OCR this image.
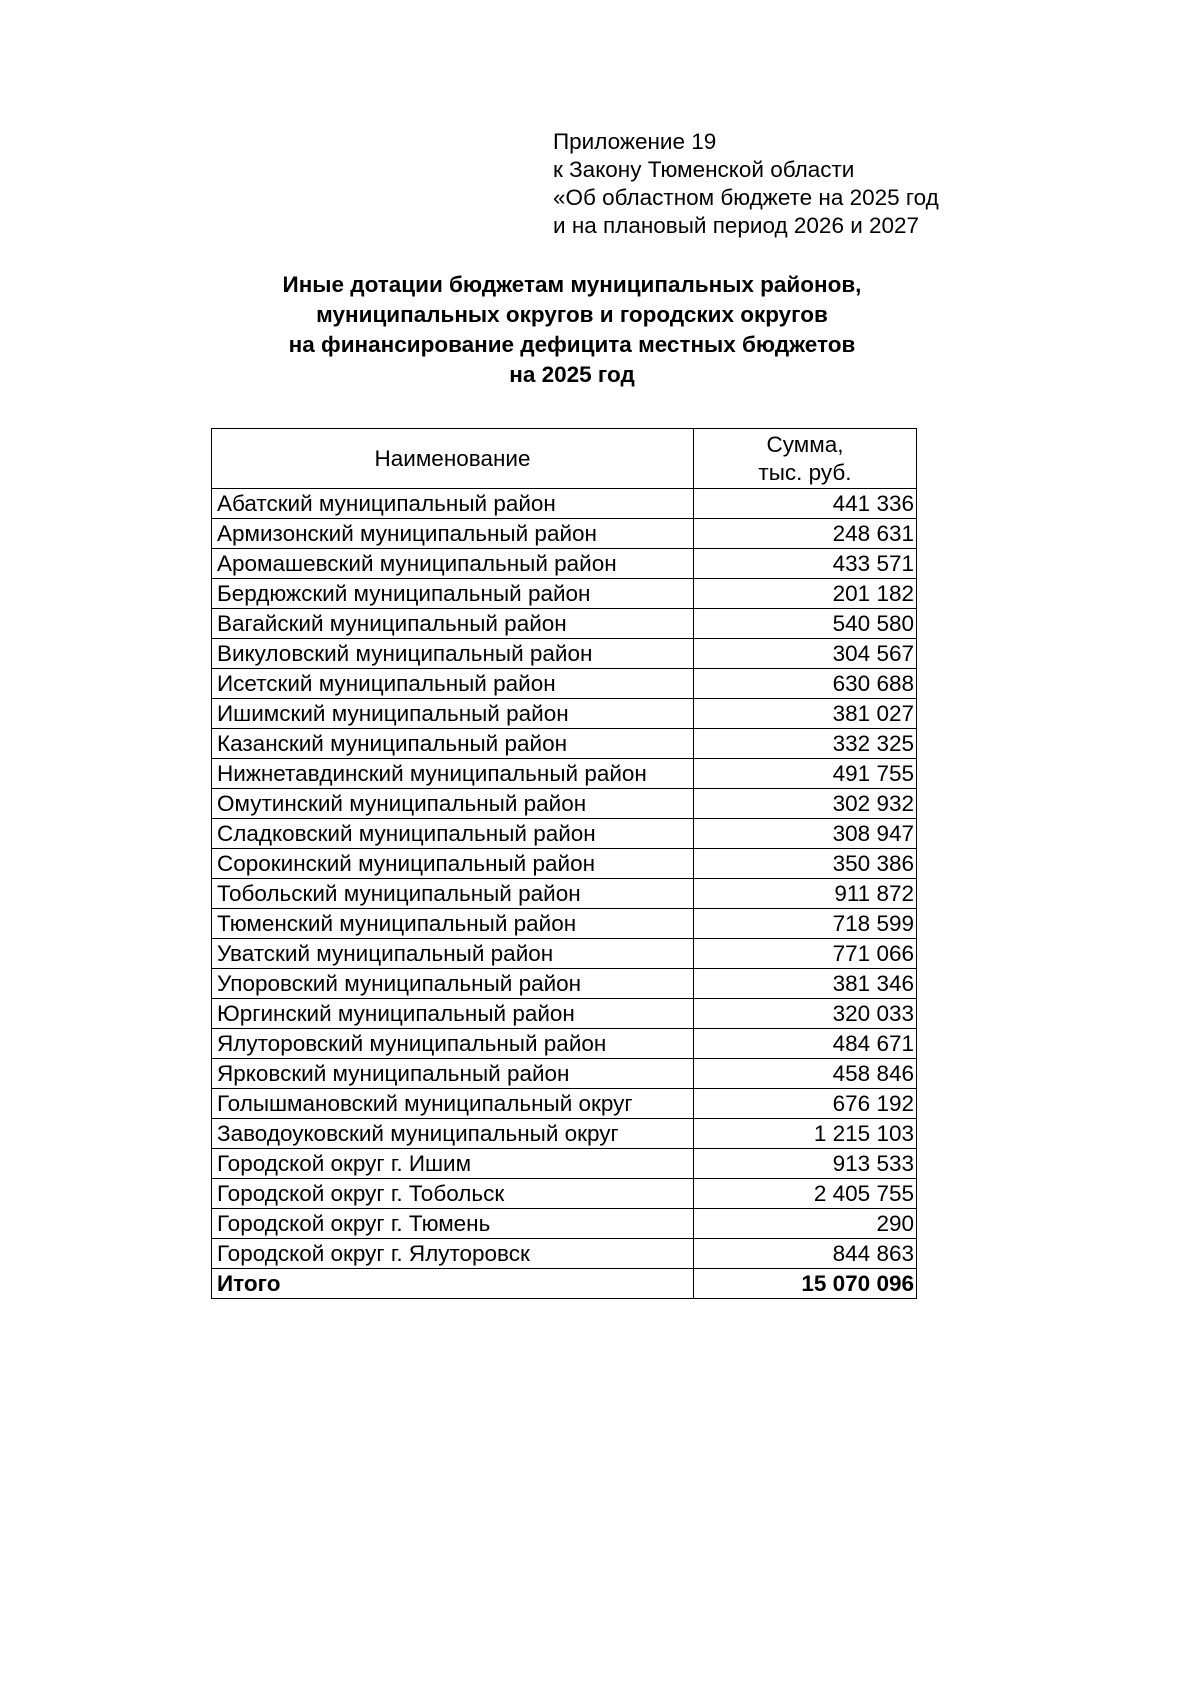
Приложение 19
к Закону Тюменской области
«Об областном бюджете на 2025 год
и на плановый период 2026 и 2027
Иные дотации бюджетам муниципальных районов,
муниципальных округов и городских округов
на финансирование дефицита местных бюджетов
на 2025 год
Наименование	Сумма,
тыс. руб.
Абатский муниципальный район	441 336
Армизонский муниципальный район	248 631
Аромашевский муниципальный район	433 571
Бердюжский муниципальный район	201 182
Вагайский муниципальный район	540 580
Викуловский муниципальный район	304 567
Исетский муниципальный район	630 688
Ишимский муниципальный район	381 027
Казанский муниципальный район	332 325
Нижнетавдинский муниципальный район	491 755
Омутинский муниципальный район	302 932
Сладковский муниципальный район	308 947
Сорокинский муниципальный район	350 386
Тобольский муниципальный район	911 872
Тюменский муниципальный район	718 599
Уватский муниципальный район	771 066
Упоровский муниципальный район	381 346
Юргинский муниципальный район	320 033
Ялуторовский муниципальный район	484 671
Ярковский муниципальный район	458 846
Голышмановский муниципальный округ	676 192
Заводоуковский муниципальный округ	1 215 103
Городской округ г. Ишим	913 533
Городской округ г. Тобольск	2 405 755
Городской округ г. Тюмень	290
Городской округ г. Ялуторовск	844 863
Итого	15 070 096
